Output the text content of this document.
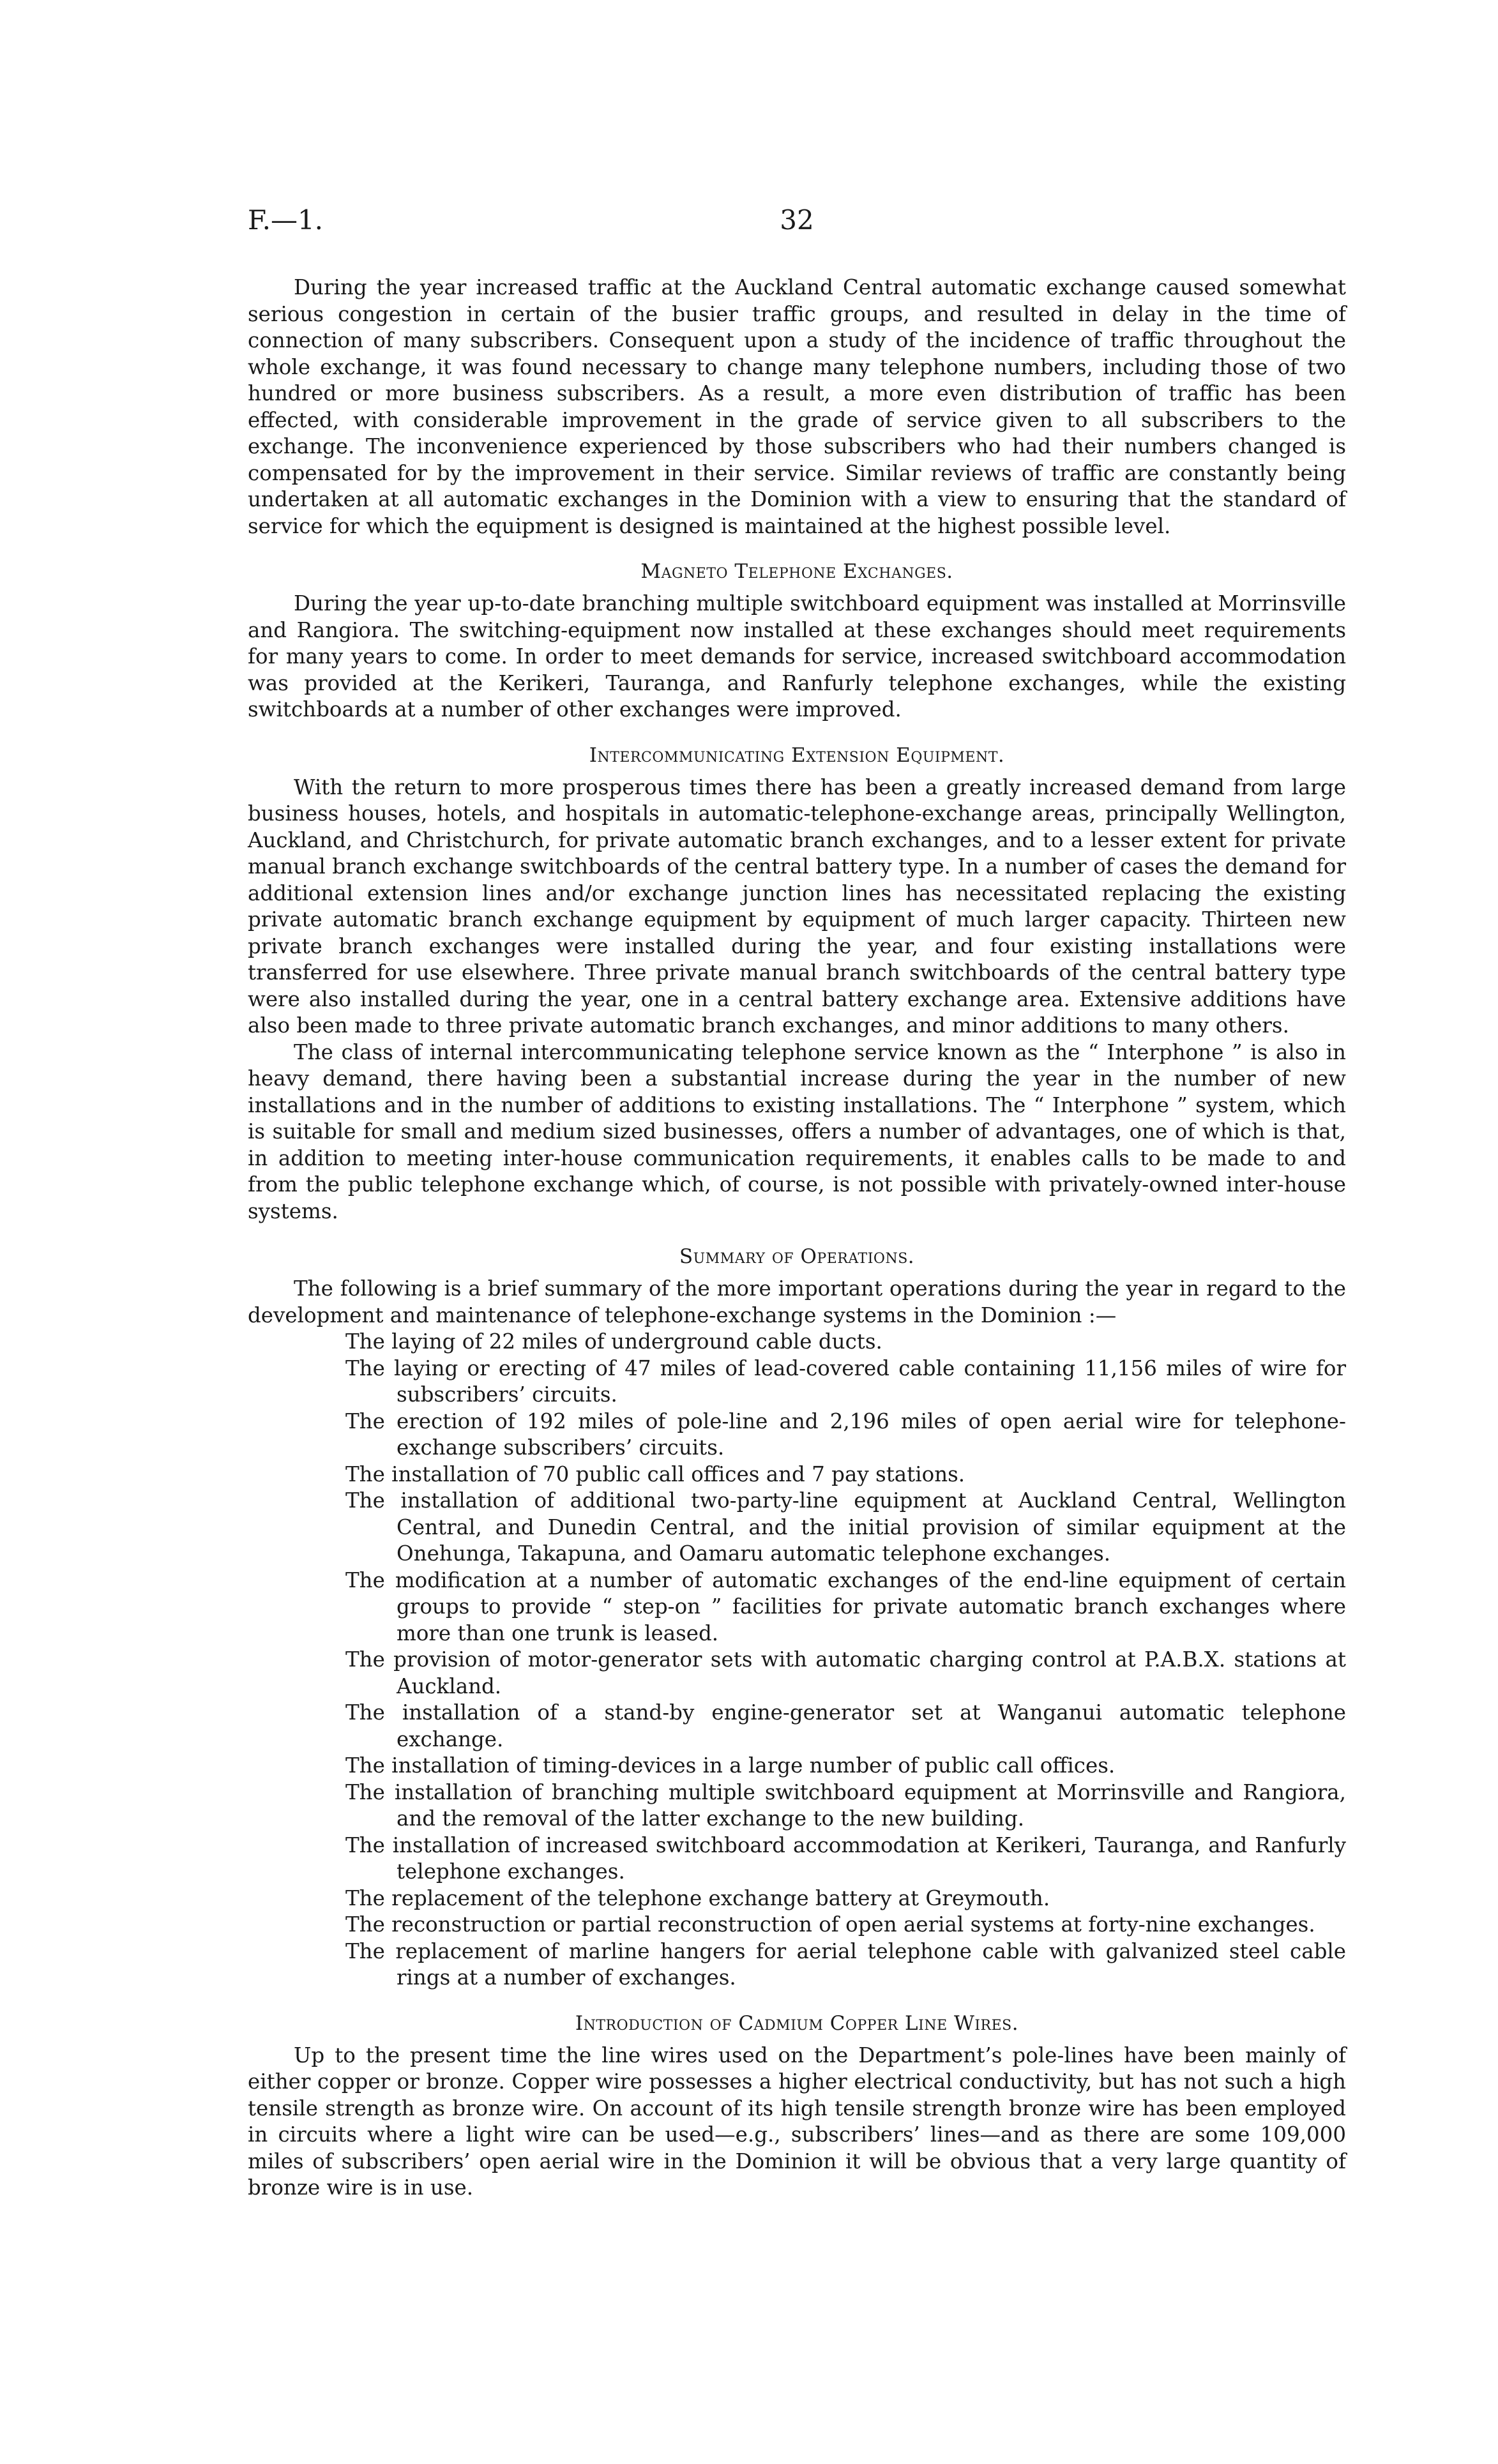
F.—1.	32

During the year increased traffic at the Auckland Central automatic exchange caused somewhat serious congestion in certain of the busier traffic groups, and resulted in delay in the time of connection of many subscribers. Consequent upon a study of the incidence of traffic throughout the whole exchange, it was found necessary to change many telephone numbers, including those of two hundred or more business subscribers. As a result, a more even distribution of traffic has been effected, with considerable improvement in the grade of service given to all subscribers to the exchange. The inconvenience experienced by those subscribers who had their numbers changed is compensated for by the improvement in their service. Similar reviews of traffic are constantly being undertaken at all automatic exchanges in the Dominion with a view to ensuring that the standard of service for which the equipment is designed is maintained at the highest possible level.

Magneto Telephone Exchanges.

During the year up-to-date branching multiple switchboard equipment was installed at Morrinsville and Rangiora. The switching-equipment now installed at these exchanges should meet requirements for many years to come. In order to meet demands for service, increased switchboard accommodation was provided at the Kerikeri, Tauranga, and Ranfurly telephone exchanges, while the existing switchboards at a number of other exchanges were improved.

Intercommunicating Extension Equipment.

With the return to more prosperous times there has been a greatly increased demand from large business houses, hotels, and hospitals in automatic-telephone-exchange areas, principally Wellington, Auckland, and Christchurch, for private automatic branch exchanges, and to a lesser extent for private manual branch exchange switchboards of the central battery type. In a number of cases the demand for additional extension lines and/or exchange junction lines has necessitated replacing the existing private automatic branch exchange equipment by equipment of much larger capacity. Thirteen new private branch exchanges were installed during the year, and four existing installations were transferred for use elsewhere. Three private manual branch switchboards of the central battery type were also installed during the year, one in a central battery exchange area. Extensive additions have also been made to three private automatic branch exchanges, and minor additions to many others.

The class of internal intercommunicating telephone service known as the “ Interphone ” is also in heavy demand, there having been a substantial increase during the year in the number of new installations and in the number of additions to existing installations. The “ Interphone ” system, which is suitable for small and medium sized businesses, offers a number of advantages, one of which is that, in addition to meeting inter-house communication requirements, it enables calls to be made to and from the public telephone exchange which, of course, is not possible with privately-owned inter-house systems.

Summary of Operations.

The following is a brief summary of the more important operations during the year in regard to the development and maintenance of telephone-exchange systems in the Dominion :—

The laying of 22 miles of underground cable ducts.
The laying or erecting of 47 miles of lead-covered cable containing 11,156 miles of wire for subscribers’ circuits.
The erection of 192 miles of pole-line and 2,196 miles of open aerial wire for telephone-exchange subscribers’ circuits.
The installation of 70 public call offices and 7 pay stations.
The installation of additional two-party-line equipment at Auckland Central, Wellington Central, and Dunedin Central, and the initial provision of similar equipment at the Onehunga, Takapuna, and Oamaru automatic telephone exchanges.
The modification at a number of automatic exchanges of the end-line equipment of certain groups to provide “ step-on ” facilities for private automatic branch exchanges where more than one trunk is leased.
The provision of motor-generator sets with automatic charging control at P.A.B.X. stations at Auckland.
The installation of a stand-by engine-generator set at Wanganui automatic telephone exchange.
The installation of timing-devices in a large number of public call offices.
The installation of branching multiple switchboard equipment at Morrinsville and Rangiora, and the removal of the latter exchange to the new building.
The installation of increased switchboard accommodation at Kerikeri, Tauranga, and Ranfurly telephone exchanges.
The replacement of the telephone exchange battery at Greymouth.
The reconstruction or partial reconstruction of open aerial systems at forty-nine exchanges.
The replacement of marline hangers for aerial telephone cable with galvanized steel cable rings at a number of exchanges.
Introduction of Cadmium Copper Line Wires.

Up to the present time the line wires used on the Department’s pole-lines have been mainly of either copper or bronze. Copper wire possesses a higher electrical conductivity, but has not such a high tensile strength as bronze wire. On account of its high tensile strength bronze wire has been employed in circuits where a light wire can be used—e.g., subscribers’ lines—and as there are some 109,000 miles of subscribers’ open aerial wire in the Dominion it will be obvious that a very large quantity of bronze wire is in use.
